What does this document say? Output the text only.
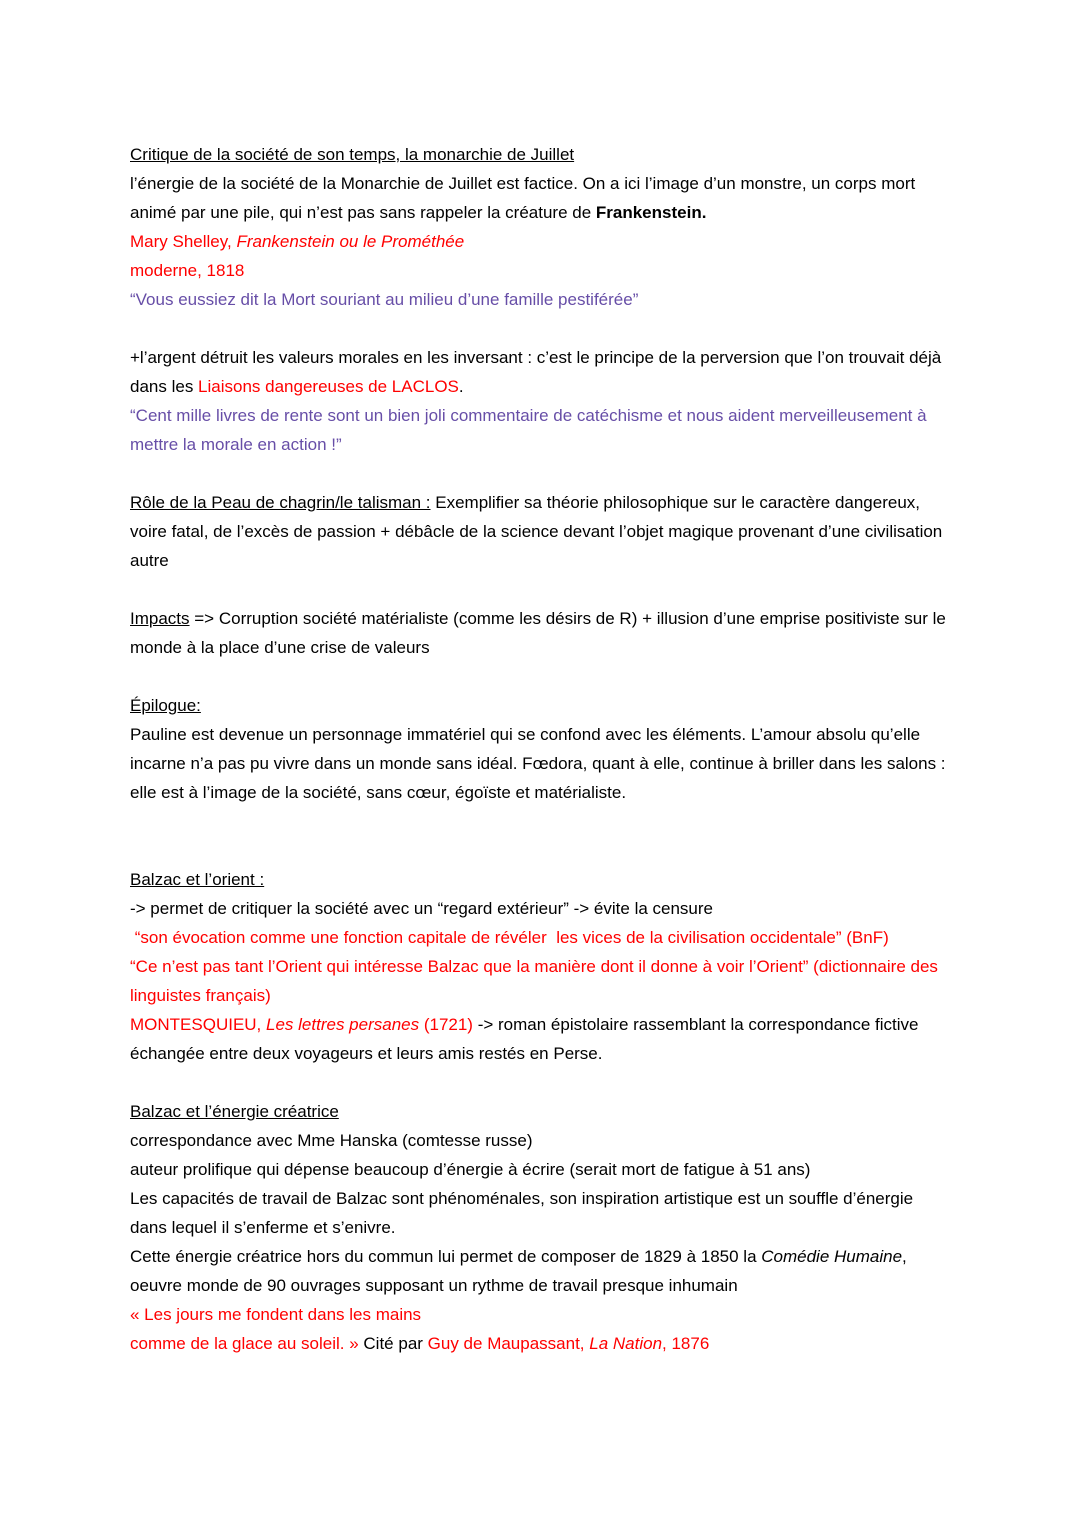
Critique de la société de son temps, la monarchie de Juillet

l’énergie de la société de la Monarchie de Juillet est factice. On a ici l’image d’un monstre, un corps mort animé par une pile, qui n’est pas sans rappeler la créature de Frankenstein.

Mary Shelley, Frankenstein ou le Prométhée

moderne, 1818

“Vous eussiez dit la Mort souriant au milieu d’une famille pestiférée”

+l’argent détruit les valeurs morales en les inversant : c’est le principe de la perversion que l’on trouvait déjà dans les Liaisons dangereuses de LACLOS.

“Cent mille livres de rente sont un bien joli commentaire de catéchisme et nous aident merveilleusement à mettre la morale en action !”

Rôle de la Peau de chagrin/le talisman : Exemplifier sa théorie philosophique sur le caractère dangereux, voire fatal, de l’excès de passion + débâcle de la science devant l’objet magique provenant d’une civilisation autre

Impacts => Corruption société matérialiste (comme les désirs de R) + illusion d’une emprise positiviste sur le monde à la place d’une crise de valeurs

Épilogue:

Pauline est devenue un personnage immatériel qui se confond avec les éléments. L’amour absolu qu’elle incarne n’a pas pu vivre dans un monde sans idéal. Fœdora, quant à elle, continue à briller dans les salons : elle est à l’image de la société, sans cœur, égoïste et matérialiste.

Balzac et l’orient :

-> permet de critiquer la société avec un “regard extérieur” -> évite la censure

“son évocation comme une fonction capitale de révéler  les vices de la civilisation occidentale” (BnF)

“Ce n’est pas tant l’Orient qui intéresse Balzac que la manière dont il donne à voir l’Orient” (dictionnaire des linguistes français)

MONTESQUIEU, Les lettres persanes (1721) -> roman épistolaire rassemblant la correspondance fictive échangée entre deux voyageurs et leurs amis restés en Perse.

Balzac et l’énergie créatrice

correspondance avec Mme Hanska (comtesse russe)

auteur prolifique qui dépense beaucoup d’énergie à écrire (serait mort de fatigue à 51 ans)

Les capacités de travail de Balzac sont phénoménales, son inspiration artistique est un souffle d’énergie dans lequel il s’enferme et s’enivre.

Cette énergie créatrice hors du commun lui permet de composer de 1829 à 1850 la Comédie Humaine, oeuvre monde de 90 ouvrages supposant un rythme de travail presque inhumain

« Les jours me fondent dans les mains

comme de la glace au soleil. » Cité par Guy de Maupassant, La Nation, 1876
